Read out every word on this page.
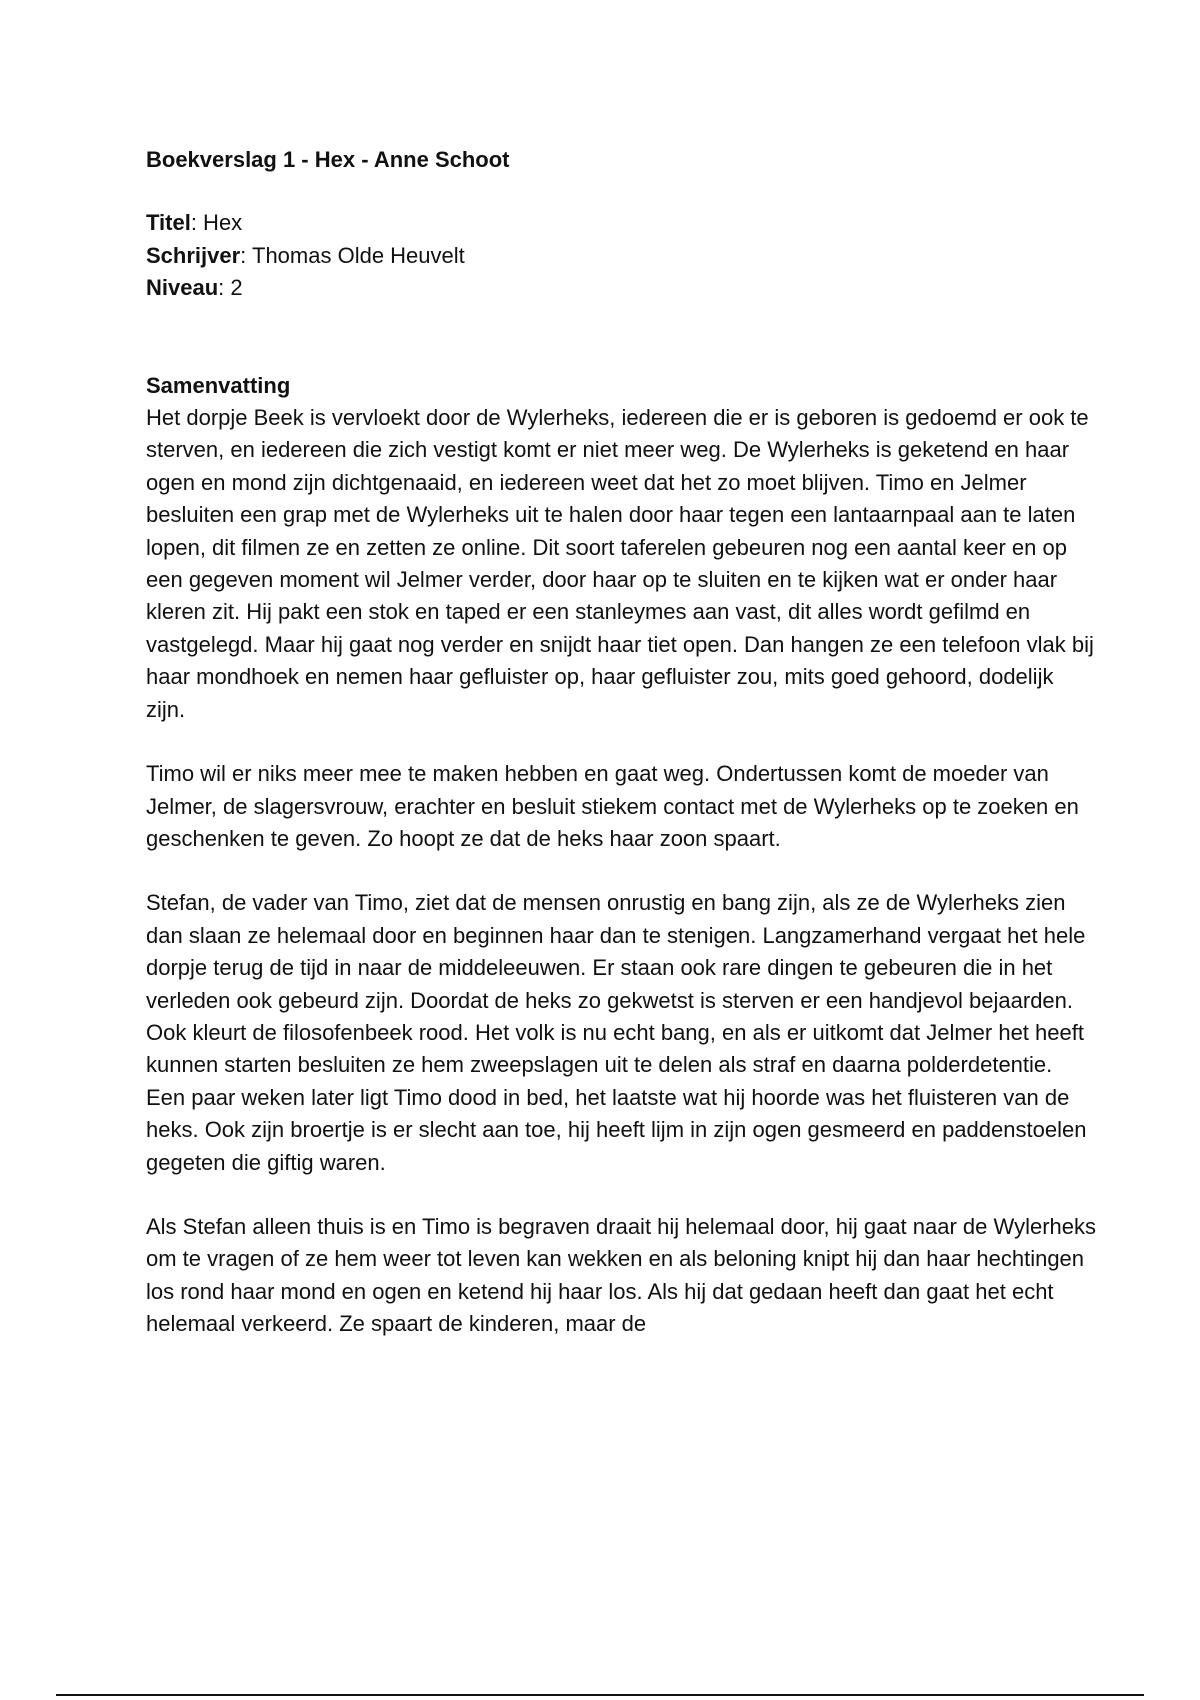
Boekverslag 1 - Hex - Anne Schoot

Titel: Hex

Schrijver: Thomas Olde Heuvelt

Niveau: 2

Samenvatting

Het dorpje Beek is vervloekt door de Wylerheks, iedereen die er is geboren is gedoemd er ook te sterven, en iedereen die zich vestigt komt er niet meer weg. De Wylerheks is geketend en haar ogen en mond zijn dichtgenaaid, en iedereen weet dat het zo moet blijven. Timo en Jelmer besluiten een grap met de Wylerheks uit te halen door haar tegen een lantaarnpaal aan te laten lopen, dit filmen ze en zetten ze online. Dit soort taferelen gebeuren nog een aantal keer en op een gegeven moment wil Jelmer verder, door haar op te sluiten en te kijken wat er onder haar kleren zit. Hij pakt een stok en taped er een stanleymes aan vast, dit alles wordt gefilmd en vastgelegd. Maar hij gaat nog verder en snijdt haar tiet open. Dan hangen ze een telefoon vlak bij haar mondhoek en nemen haar gefluister op, haar gefluister zou, mits goed gehoord, dodelijk zijn.

Timo wil er niks meer mee te maken hebben en gaat weg. Ondertussen komt de moeder van Jelmer, de slagersvrouw, erachter en besluit stiekem contact met de Wylerheks op te zoeken en geschenken te geven. Zo hoopt ze dat de heks haar zoon spaart.

Stefan, de vader van Timo, ziet dat de mensen onrustig en bang zijn, als ze de Wylerheks zien dan slaan ze helemaal door en beginnen haar dan te stenigen. Langzamerhand vergaat het hele dorpje terug de tijd in naar de middeleeuwen. Er staan ook rare dingen te gebeuren die in het verleden ook gebeurd zijn. Doordat de heks zo gekwetst is sterven er een handjevol bejaarden. Ook kleurt de filosofenbeek rood. Het volk is nu echt bang, en als er uitkomt dat Jelmer het heeft kunnen starten besluiten ze hem zweepslagen uit te delen als straf en daarna polderdetentie. Een paar weken later ligt Timo dood in bed, het laatste wat hij hoorde was het fluisteren van de heks. Ook zijn broertje is er slecht aan toe, hij heeft lijm in zijn ogen gesmeerd en paddenstoelen gegeten die giftig waren.

Als Stefan alleen thuis is en Timo is begraven draait hij helemaal door, hij gaat naar de Wylerheks om te vragen of ze hem weer tot leven kan wekken en als beloning knipt hij dan haar hechtingen los rond haar mond en ogen en ketend hij haar los. Als hij dat gedaan heeft dan gaat het echt helemaal verkeerd. Ze spaart de kinderen, maar de
